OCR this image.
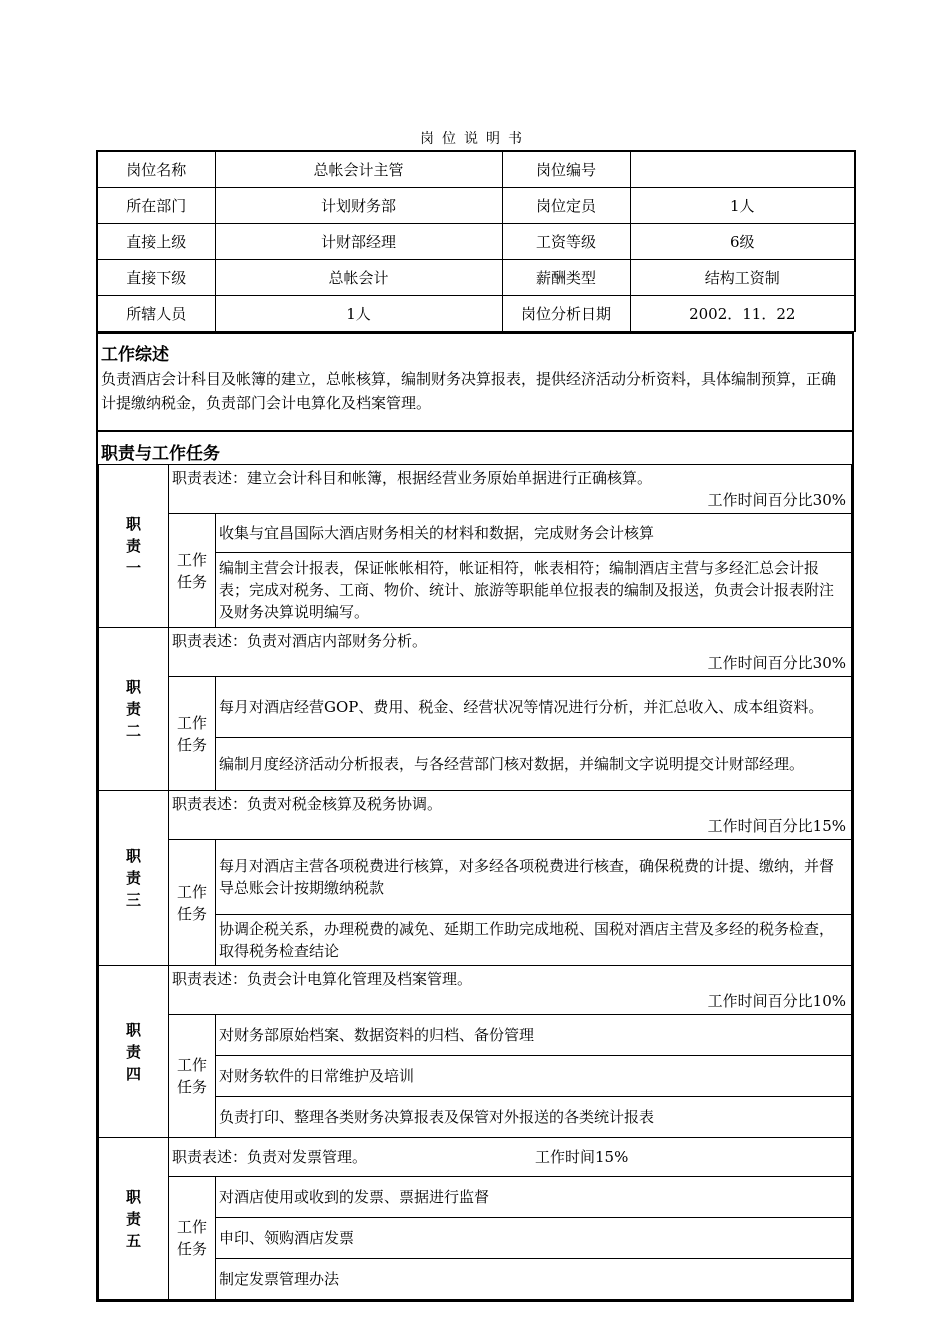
岗位说明书
岗位名称	总帐会计主管	岗位编号	
所在部门	计划财务部	岗位定员	1人
直接上级	计财部经理	工资等级	6级
直接下级	总帐会计	薪酬类型	结构工资制
所辖人员	1人	岗位分析日期	2002．11．22
工作综述
负责酒店会计科目及帐簿的建立，总帐核算，编制财务决算报表，提供经济活动分析资料，具体编制预算，正确计提缴纳税金，负责部门会计电算化及档案管理。
职责与工作任务
职责一	职责表述：建立会计科目和帐簿，根据经营业务原始单据进行正确核算。
工作时间百分比30%	

	工作任务	收集与宜昌国际大酒店财务相关的材料和数据，完成财务会计核算
		编制主营会计报表，保证帐帐相符，帐证相符，帐表相符；编制酒店主营与多经汇总会计报表；完成对税务、工商、物价、统计、旅游等职能单位报表的编制及报送，负责会计报表附注及财务决算说明编写。

职责二	职责表述：负责对酒店内部财务分析。
工作时间百分比30%	

	工作任务	每月对酒店经营GOP、费用、税金、经营状况等情况进行分析，并汇总收入、成本组资料。
		编制月度经济活动分析报表，与各经营部门核对数据，并编制文字说明提交计财部经理。

职责三	职责表述：负责对税金核算及税务协调。
工作时间百分比15%	

	工作任务	每月对酒店主营各项税费进行核算，对多经各项税费进行核查，确保税费的计提、缴纳，并督导总账会计按期缴纳税款
		协调企税关系，办理税费的减免、延期工作助完成地税、国税对酒店主营及多经的税务检查，取得税务检查结论

职责四	职责表述：负责会计电算化管理及档案管理。
工作时间百分比10%	

	工作任务	对财务部原始档案、数据资料的归档、备份管理
		对财务软件的日常维护及培训
		负责打印、整理各类财务决算报表及保管对外报送的各类统计报表

职责五	职责表述：负责对发票管理。 工作时间15%	

	工作任务	对酒店使用或收到的发票、票据进行监督
		申印、领购酒店发票
		制定发票管理办法
